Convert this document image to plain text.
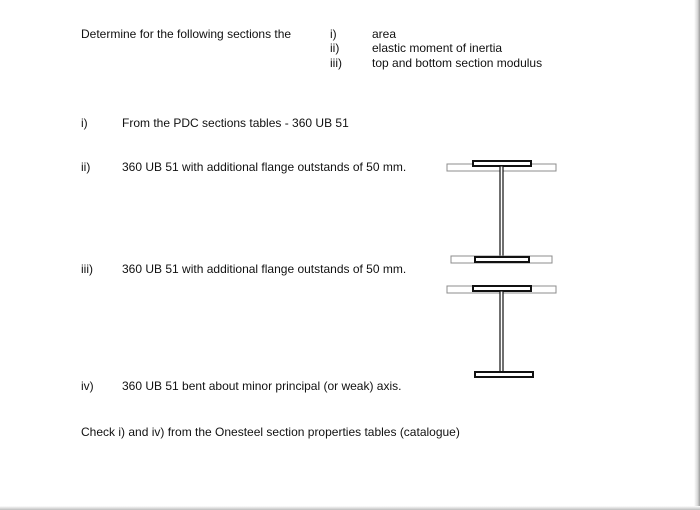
Determine for the following sections the	i)	area
ii)	elastic moment of inertia
iii)	top and bottom section modulus
i)	From the PDC sections tables - 360 UB 51
ii)	360 UB 51 with additional flange outstands of 50 mm.
iii) 360 UB 51 with additional flange outstands of 50 mm.
iv) 360 UB 51 bent about minor principal (or weak) axis.
Check i) and iv) from the Onesteel section properties tables (catalogue)
